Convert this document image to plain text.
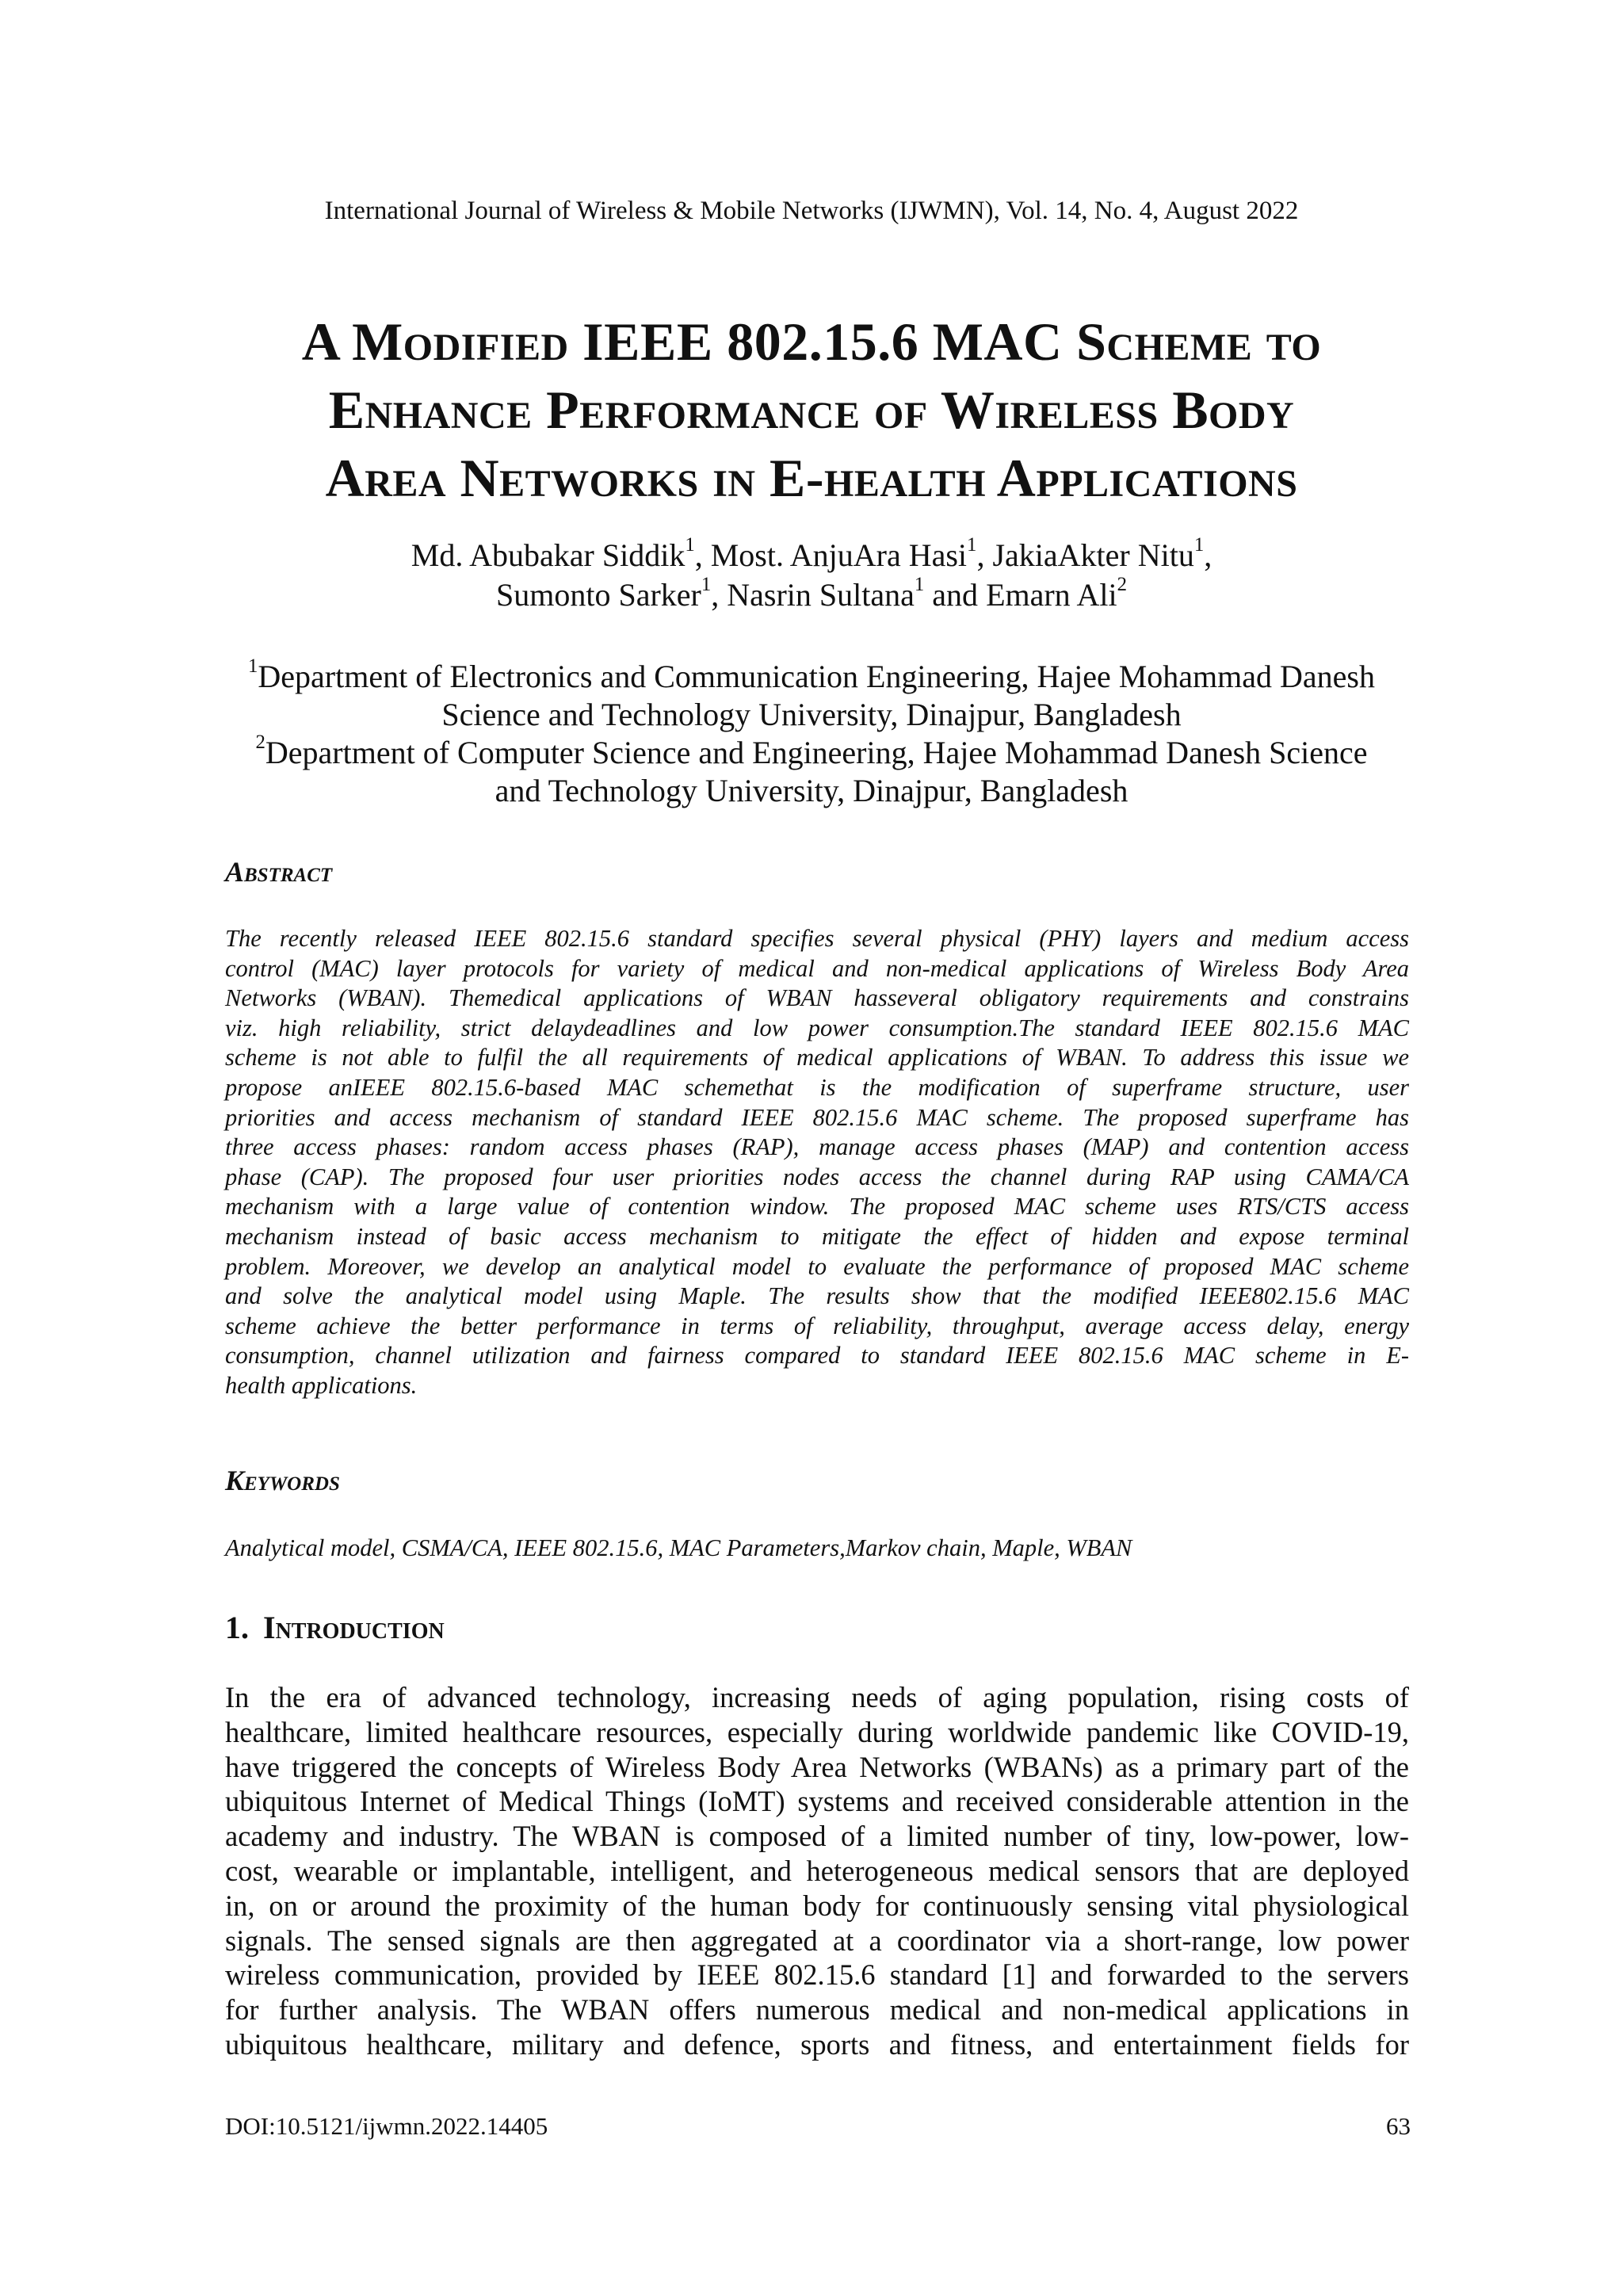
International Journal of Wireless & Mobile Networks (IJWMN), Vol. 14, No. 4, August 2022
A Modified IEEE 802.15.6 MAC Scheme to
Enhance Performance of Wireless Body
Area Networks in E-health Applications
Md. Abubakar Siddik$^1$, Most. AnjuAra Hasi$^1$, JakiaAkter Nitu$^1$,
Sumonto Sarker$^1$, Nasrin Sultana$^1$ and Emarn Ali$^2$
$^1$Department of Electronics and Communication Engineering, Hajee Mohammad Danesh
Science and Technology University, Dinajpur, Bangladesh
$^2$Department of Computer Science and Engineering, Hajee Mohammad Danesh Science
and Technology University, Dinajpur, Bangladesh
Abstract
The recently released IEEE 802.15.6 standard specifies several physical (PHY) layers and medium access
control (MAC) layer protocols for variety of medical and non-medical applications of Wireless Body Area
Networks (WBAN). Themedical applications of WBAN hasseveral obligatory requirements and constrains
viz. high reliability, strict delaydeadlines and low power consumption.The standard IEEE 802.15.6 MAC
scheme is not able to fulfil the all requirements of medical applications of WBAN. To address this issue we
propose anIEEE 802.15.6-based MAC schemethat is the modification of superframe structure, user
priorities and access mechanism of standard IEEE 802.15.6 MAC scheme. The proposed superframe has
three access phases: random access phases (RAP), manage access phases (MAP) and contention access
phase (CAP). The proposed four user priorities nodes access the channel during RAP using CAMA/CA
mechanism with a large value of contention window. The proposed MAC scheme uses RTS/CTS access
mechanism instead of basic access mechanism to mitigate the effect of hidden and expose terminal
problem. Moreover, we develop an analytical model to evaluate the performance of proposed MAC scheme
and solve the analytical model using Maple. The results show that the modified IEEE802.15.6 MAC
scheme achieve the better performance in terms of reliability, throughput, average access delay, energy
consumption, channel utilization and fairness compared to standard IEEE 802.15.6 MAC scheme in E-
health applications.
Keywords
Analytical model, CSMA/CA, IEEE 802.15.6, MAC Parameters,Markov chain, Maple, WBAN
1. Introduction
In the era of advanced technology, increasing needs of aging population, rising costs of
healthcare, limited healthcare resources, especially during worldwide pandemic like COVID-19,
have triggered the concepts of Wireless Body Area Networks (WBANs) as a primary part of the
ubiquitous Internet of Medical Things (IoMT) systems and received considerable attention in the
academy and industry. The WBAN is composed of a limited number of tiny, low-power, low-
cost, wearable or implantable, intelligent, and heterogeneous medical sensors that are deployed
in, on or around the proximity of the human body for continuously sensing vital physiological
signals. The sensed signals are then aggregated at a coordinator via a short-range, low power
wireless communication, provided by IEEE 802.15.6 standard [1] and forwarded to the servers
for further analysis. The WBAN offers numerous medical and non-medical applications in
ubiquitous healthcare, military and defence, sports and fitness, and entertainment fields for
DOI:10.5121/ijwmn.2022.14405	63
